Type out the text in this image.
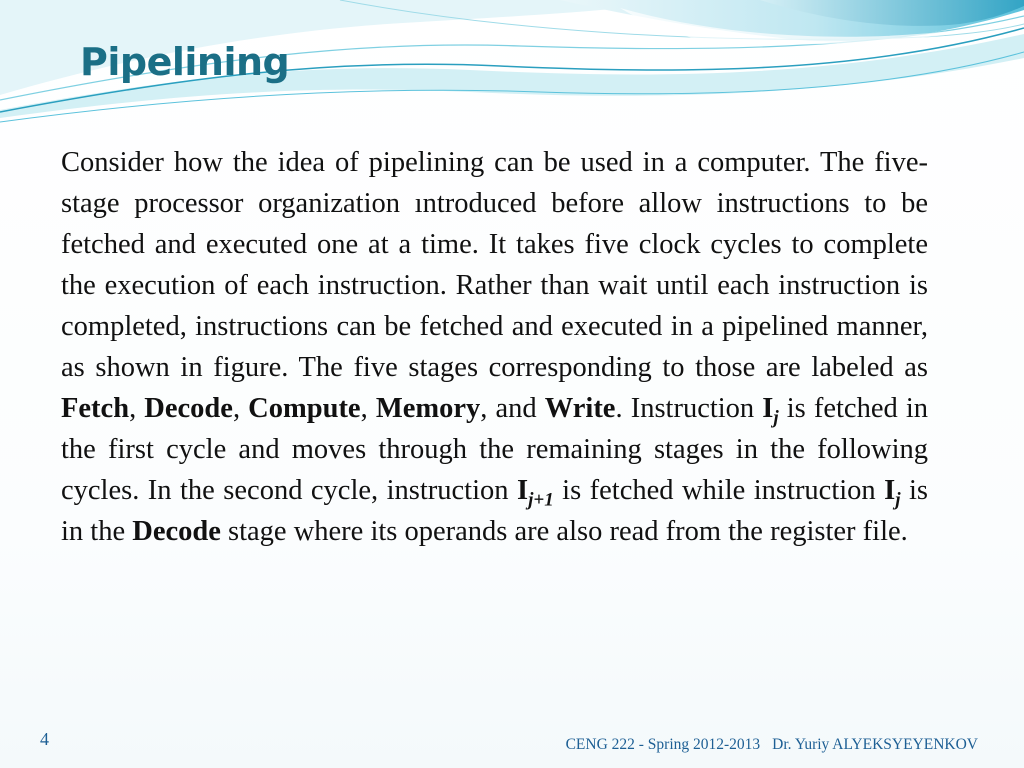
Pipelining
Consider how the idea of pipelining can be used in a computer. The five-stage processor organization ıntroduced before allow instructions to be fetched and executed one at a time. It takes five clock cycles to complete the execution of each instruction. Rather than wait until each instruction is completed, instructions can be fetched and executed in a pipelined manner, as shown in figure. The five stages corresponding to those are labeled as Fetch, Decode, Compute, Memory, and Write. Instruction $I_j$ is fetched in the first cycle and moves through the remaining stages in the following cycles. In the second cycle, instruction $I_{j+1}$ is fetched while instruction $I_j$ is in the Decode stage where its operands are also read from the register file.
4	CENG 222 - Spring 2012-2013 Dr. Yuriy ALYEKSYEYENKOV
